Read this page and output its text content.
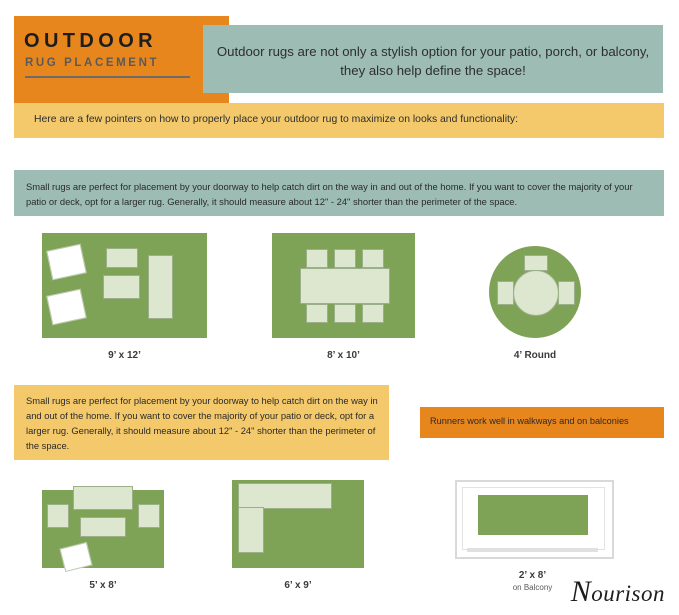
OUTDOOR
RUG PLACEMENT
Outdoor rugs are not only a stylish option for your patio, porch, or balcony, they also help define the space!
Here are a few pointers on how to properly place your outdoor rug to maximize on looks and functionality:
Small rugs are perfect for placement by your doorway to help catch dirt on the way in and out of the home. If you want to cover the majority of your patio or deck, opt for a larger rug. Generally, it should measure about 12" - 24" shorter than the perimeter of the space.
9’ x 12’	8’ x 10’	4’ Round
Small rugs are perfect for placement by your doorway to help catch dirt on the way in and out of the home. If you want to cover the majority of your patio or deck, opt for a larger rug. Generally, it should measure about 12" - 24" shorter than the perimeter of the space.
Runners work well in walkways and on balconies
5’ x 8’	6’ x 9’
2’ x 8’
on Balcony Nourison
